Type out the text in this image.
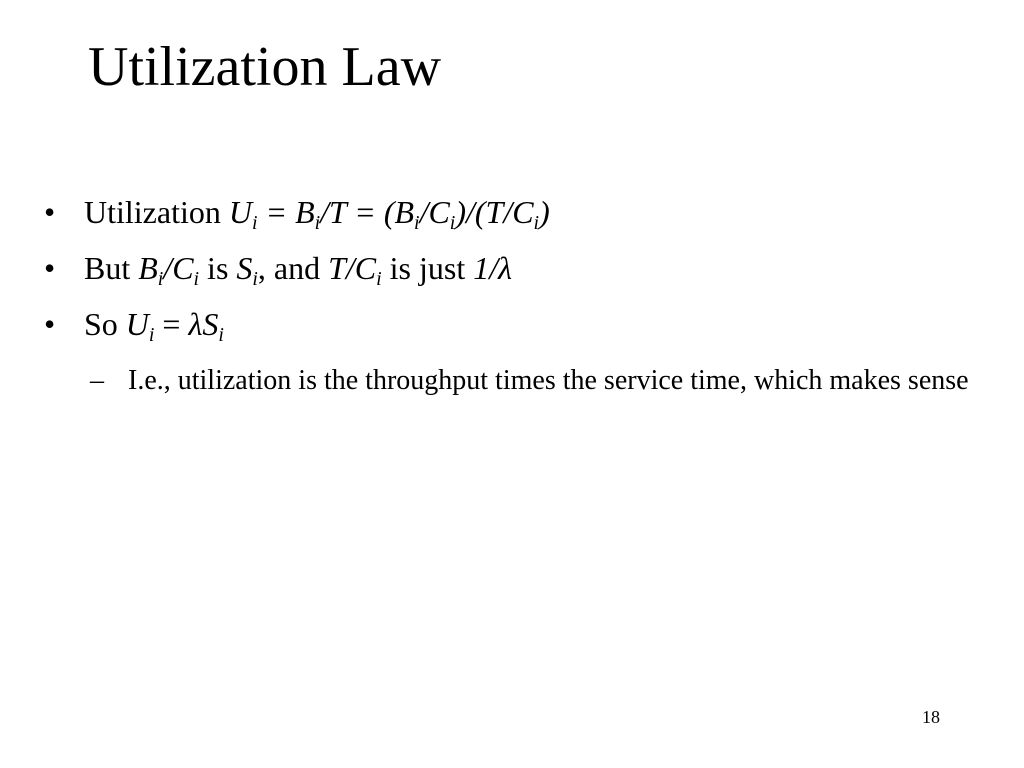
Utilization Law
• Utilization $U_i = B_i/T = (B_i/C_i)/(T/C_i)$
• But $B_i/C_i$ is $S_i$, and $T/C_i$ is just 1/λ
• So $U_i = \lambda S_i$
– I.e., utilization is the throughput times the service time, which makes sense
18
